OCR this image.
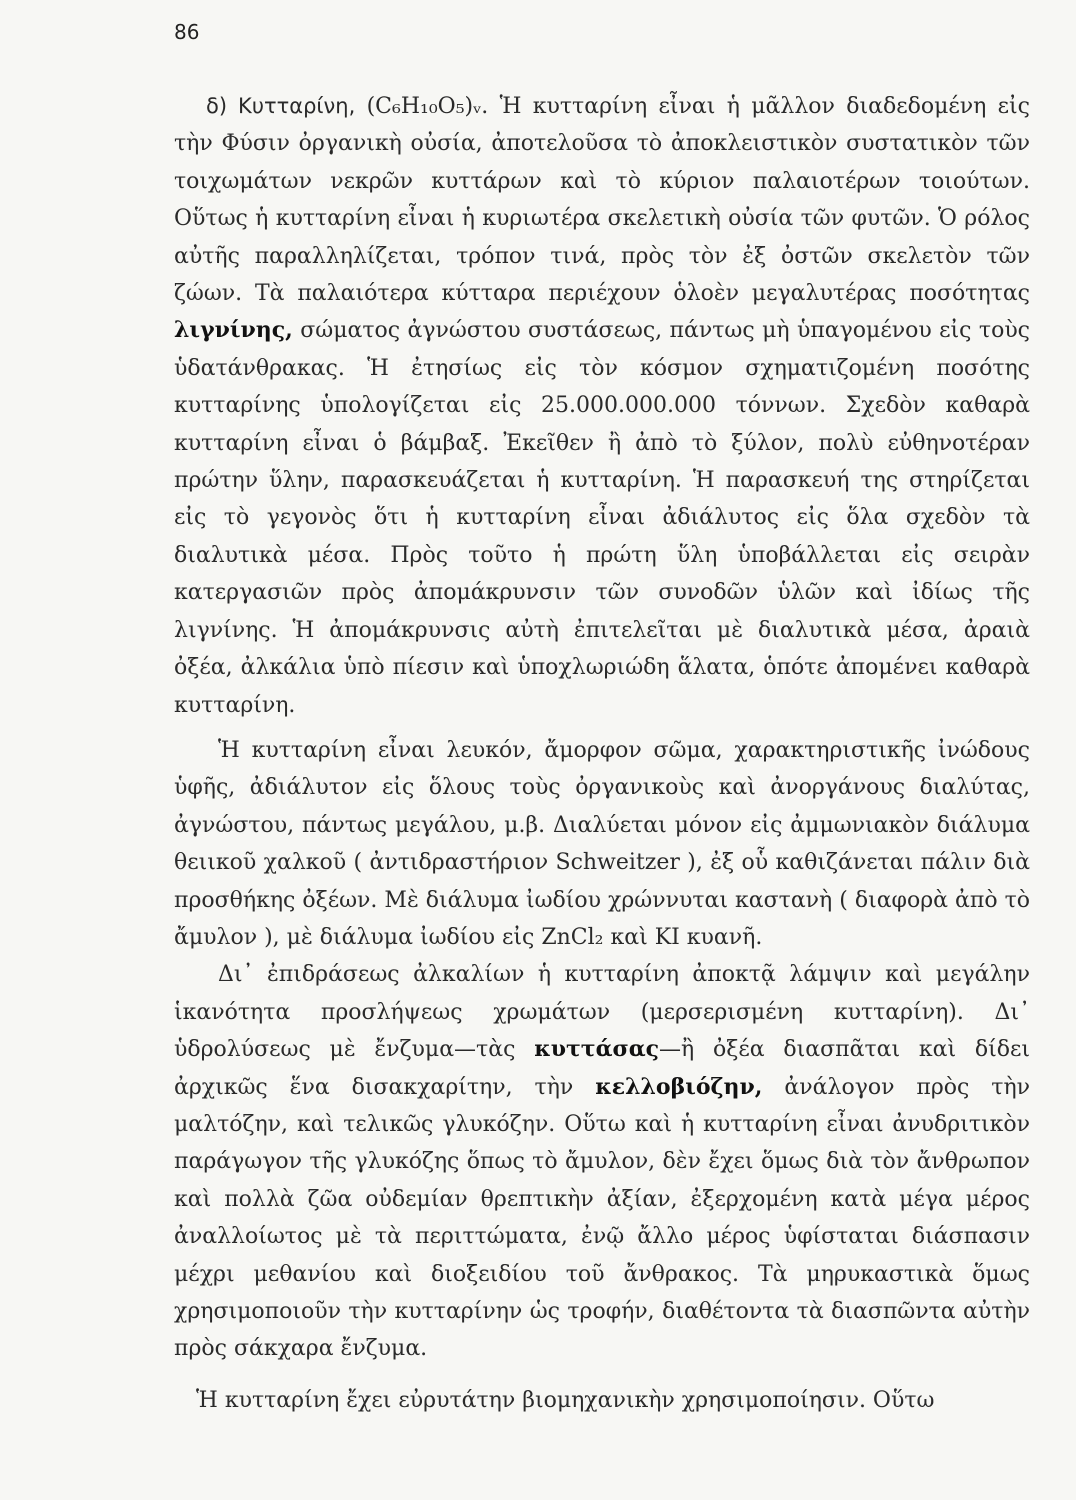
86

δ) Κυτταρίνη, (C₆H₁₀O₅)ᵥ. Ἡ κυτταρίνη εἶναι ἡ μᾶλλον διαδεδομένη εἰς τὴν Φύσιν ὀργανικὴ οὐσία, ἀποτελοῦσα τὸ ἀποκλειστικὸν συστατικὸν τῶν τοιχωμάτων νεκρῶν κυττάρων καὶ τὸ κύριον παλαιοτέρων τοιούτων. Οὕτως ἡ κυτταρίνη εἶναι ἡ κυριωτέρα σκελετικὴ οὐσία τῶν φυτῶν. Ὁ ρόλος αὐτῆς παραλληλίζεται, τρόπον τινά, πρὸς τὸν ἐξ ὀστῶν σκελετὸν τῶν ζώων. Τὰ παλαιότερα κύτταρα περιέχουν ὁλοὲν μεγαλυτέρας ποσότητας λιγνίνης, σώματος ἀγνώστου συστάσεως, πάντως μὴ ὑπαγομένου εἰς τοὺς ὑδατάνθρακας. Ἡ ἐτησίως εἰς τὸν κόσμον σχηματιζομένη ποσότης κυτταρίνης ὑπολογίζεται εἰς 25.000.000.000 τόννων. Σχεδὸν καθαρὰ κυτταρίνη εἶναι ὁ βάμβαξ. Ἐκεῖθεν ἢ ἀπὸ τὸ ξύλον, πολὺ εὐθηνοτέραν πρώτην ὕλην, παρασκευάζεται ἡ κυτταρίνη. Ἡ παρασκευή της στηρίζεται εἰς τὸ γεγονὸς ὅτι ἡ κυτταρίνη εἶναι ἀδιάλυτος εἰς ὅλα σχεδὸν τὰ διαλυτικὰ μέσα. Πρὸς τοῦτο ἡ πρώτη ὕλη ὑποβάλλεται εἰς σειρὰν κατεργασιῶν πρὸς ἀπομάκρυνσιν τῶν συνοδῶν ὑλῶν καὶ ἰδίως τῆς λιγνίνης. Ἡ ἀπομάκρυνσις αὐτὴ ἐπιτελεῖται μὲ διαλυτικὰ μέσα, ἀραιὰ ὀξέα, ἀλκάλια ὑπὸ πίεσιν καὶ ὑποχλωριώδη ἅλατα, ὁπότε ἀπομένει καθαρὰ κυτταρίνη.

Ἡ κυτταρίνη εἶναι λευκόν, ἄμορφον σῶμα, χαρακτηριστικῆς ἰνώδους ὑφῆς, ἀδιάλυτον εἰς ὅλους τοὺς ὀργανικοὺς καὶ ἀνοργάνους διαλύτας, ἀγνώστου, πάντως μεγάλου, μ.β. Διαλύεται μόνον εἰς ἀμμωνιακὸν διάλυμα θειικοῦ χαλκοῦ ( ἀντιδραστήριον Schweitzer ), ἐξ οὗ καθιζάνεται πάλιν διὰ προσθήκης ὀξέων. Μὲ διάλυμα ἰωδίου χρώννυται καστανὴ ( διαφορὰ ἀπὸ τὸ ἄμυλον ), μὲ διάλυμα ἰωδίου εἰς ZnCl₂ καὶ KI κυανῆ.

Δι᾽ ἐπιδράσεως ἀλκαλίων ἡ κυτταρίνη ἀποκτᾷ λάμψιν καὶ μεγάλην ἱκανότητα προσλήψεως χρωμάτων (μερσερισμένη κυτταρίνη). Δι᾽ ὑδρολύσεως μὲ ἔνζυμα—τὰς κυττάσας—ἢ ὀξέα διασπᾶται καὶ δίδει ἀρχικῶς ἕνα δισακχαρίτην, τὴν κελλοβιόζην, ἀνάλογον πρὸς τὴν μαλτόζην, καὶ τελικῶς γλυκόζην. Οὕτω καὶ ἡ κυτταρίνη εἶναι ἀνυδριτικὸν παράγωγον τῆς γλυκόζης ὅπως τὸ ἄμυλον, δὲν ἔχει ὅμως διὰ τὸν ἄνθρωπον καὶ πολλὰ ζῶα οὐδεμίαν θρεπτικὴν ἀξίαν, ἐξερχομένη κατὰ μέγα μέρος ἀναλλοίωτος μὲ τὰ περιττώματα, ἐνῷ ἄλλο μέρος ὑφίσταται διάσπασιν μέχρι μεθανίου καὶ διοξειδίου τοῦ ἄνθρακος. Τὰ μηρυκαστικὰ ὅμως χρησιμοποιοῦν τὴν κυτταρίνην ὡς τροφήν, διαθέτοντα τὰ διασπῶντα αὐτὴν πρὸς σάκχαρα ἔνζυμα.

Ἡ κυτταρίνη ἔχει εὐρυτάτην βιομηχανικὴν χρησιμοποίησιν. Οὕτω
